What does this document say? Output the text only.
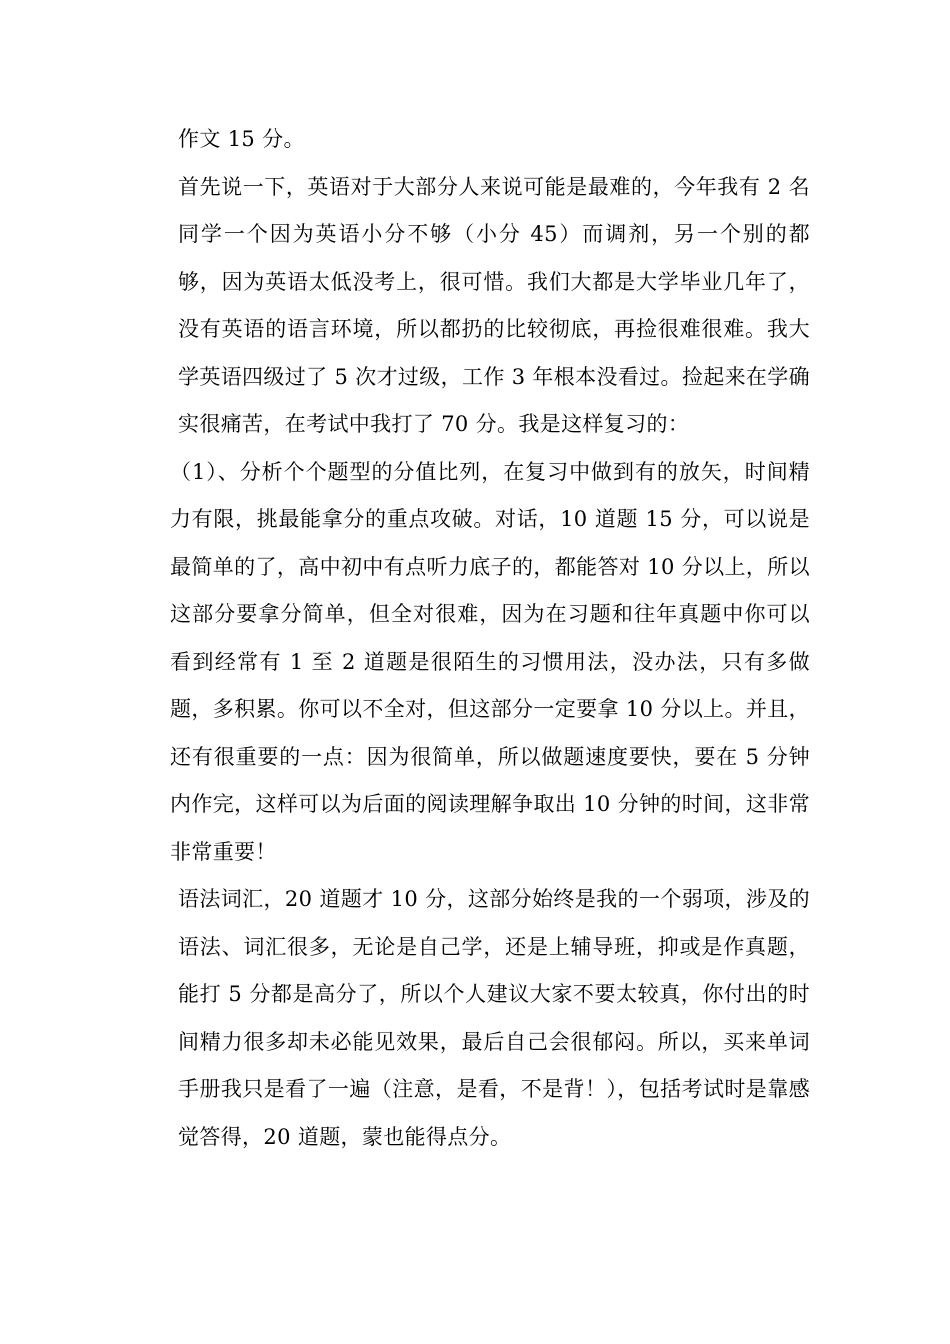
作文 15 分。

首先说一下，英语对于大部分人来说可能是最难的，今年我有 2 名同学一个因为英语小分不够（小分 45）而调剂，另一个别的都够，因为英语太低没考上，很可惜。我们大都是大学毕业几年了，没有英语的语言环境，所以都扔的比较彻底，再捡很难很难。我大学英语四级过了 5 次才过级，工作 3 年根本没看过。捡起来在学确实很痛苦，在考试中我打了 70 分。我是这样复习的：

（1）、分析个个题型的分值比列，在复习中做到有的放矢，时间精力有限，挑最能拿分的重点攻破。对话，10 道题 15 分，可以说是最简单的了，高中初中有点听力底子的，都能答对 10 分以上，所以这部分要拿分简单，但全对很难，因为在习题和往年真题中你可以看到经常有 1 至 2 道题是很陌生的习惯用法，没办法，只有多做题，多积累。你可以不全对，但这部分一定要拿 10 分以上。并且，还有很重要的一点：因为很简单，所以做题速度要快，要在 5 分钟内作完，这样可以为后面的阅读理解争取出 10 分钟的时间，这非常非常重要！

语法词汇，20 道题才 10 分，这部分始终是我的一个弱项，涉及的语法、词汇很多，无论是自己学，还是上辅导班，抑或是作真题，能打 5 分都是高分了，所以个人建议大家不要太较真，你付出的时间精力很多却未必能见效果，最后自己会很郁闷。所以，买来单词手册我只是看了一遍（注意，是看，不是背！），包括考试时是靠感觉答得，20 道题，蒙也能得点分。
